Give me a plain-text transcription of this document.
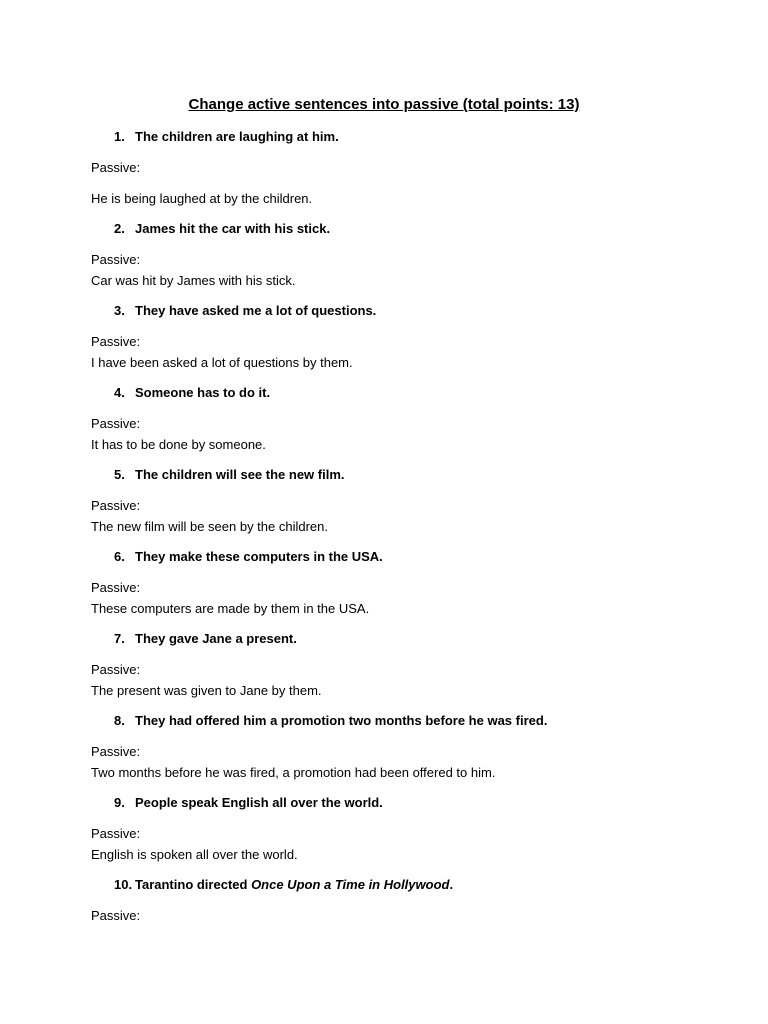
Change active sentences into passive (total points: 13)
1. The children are laughing at him.
Passive:
He is being laughed at by the children.
2. James hit the car with his stick.
Passive:
Car was hit by James with his stick.
3. They have asked me a lot of questions.
Passive:
I have been asked a lot of questions by them.
4. Someone has to do it.
Passive:
It has to be done by someone.
5. The children will see the new film.
Passive:
The new film will be seen by the children.
6. They make these computers in the USA.
Passive:
These computers are made by them in the USA.
7. They gave Jane a present.
Passive:
The present was given to Jane by them.
8. They had offered him a promotion two months before he was fired.
Passive:
Two months before he was fired, a promotion had been offered to him.
9. People speak English all over the world.
Passive:
English is spoken all over the world.
10. Tarantino directed Once Upon a Time in Hollywood.
Passive:
